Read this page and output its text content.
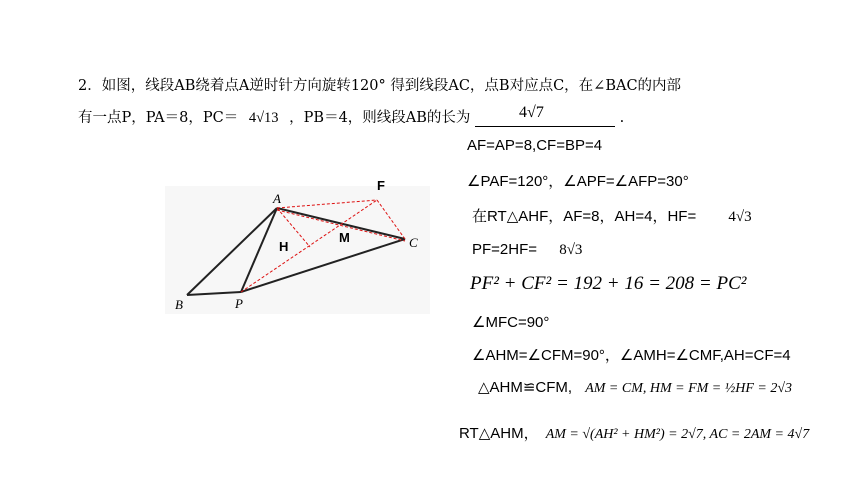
2．如图，线段AB绕着点A逆时针方向旋转120° 得到线段AC，点B对应点C，在∠BAC的内部
有一点P，PA＝8，PC＝ 4√13 ，PB＝4，则线段AB的长为	4√7	.
A
B
C
P
F
H
M
AF=AP=8,CF=BP=4
∠PAF=120°，∠APF=∠AFP=30°
在RT△AHF，AF=8，AH=4，HF= 4√3
PF=2HF= 8√3
PF² + CF² = 192 + 16 = 208 = PC²
∠MFC=90°
∠AHM=∠CFM=90°，∠AMH=∠CMF,AH=CF=4
△AHM≌CFM, AM = CM, HM = FM = ½HF = 2√3
RT△AHM， AM = √(AH² + HM²) = 2√7, AC = 2AM = 4√7
